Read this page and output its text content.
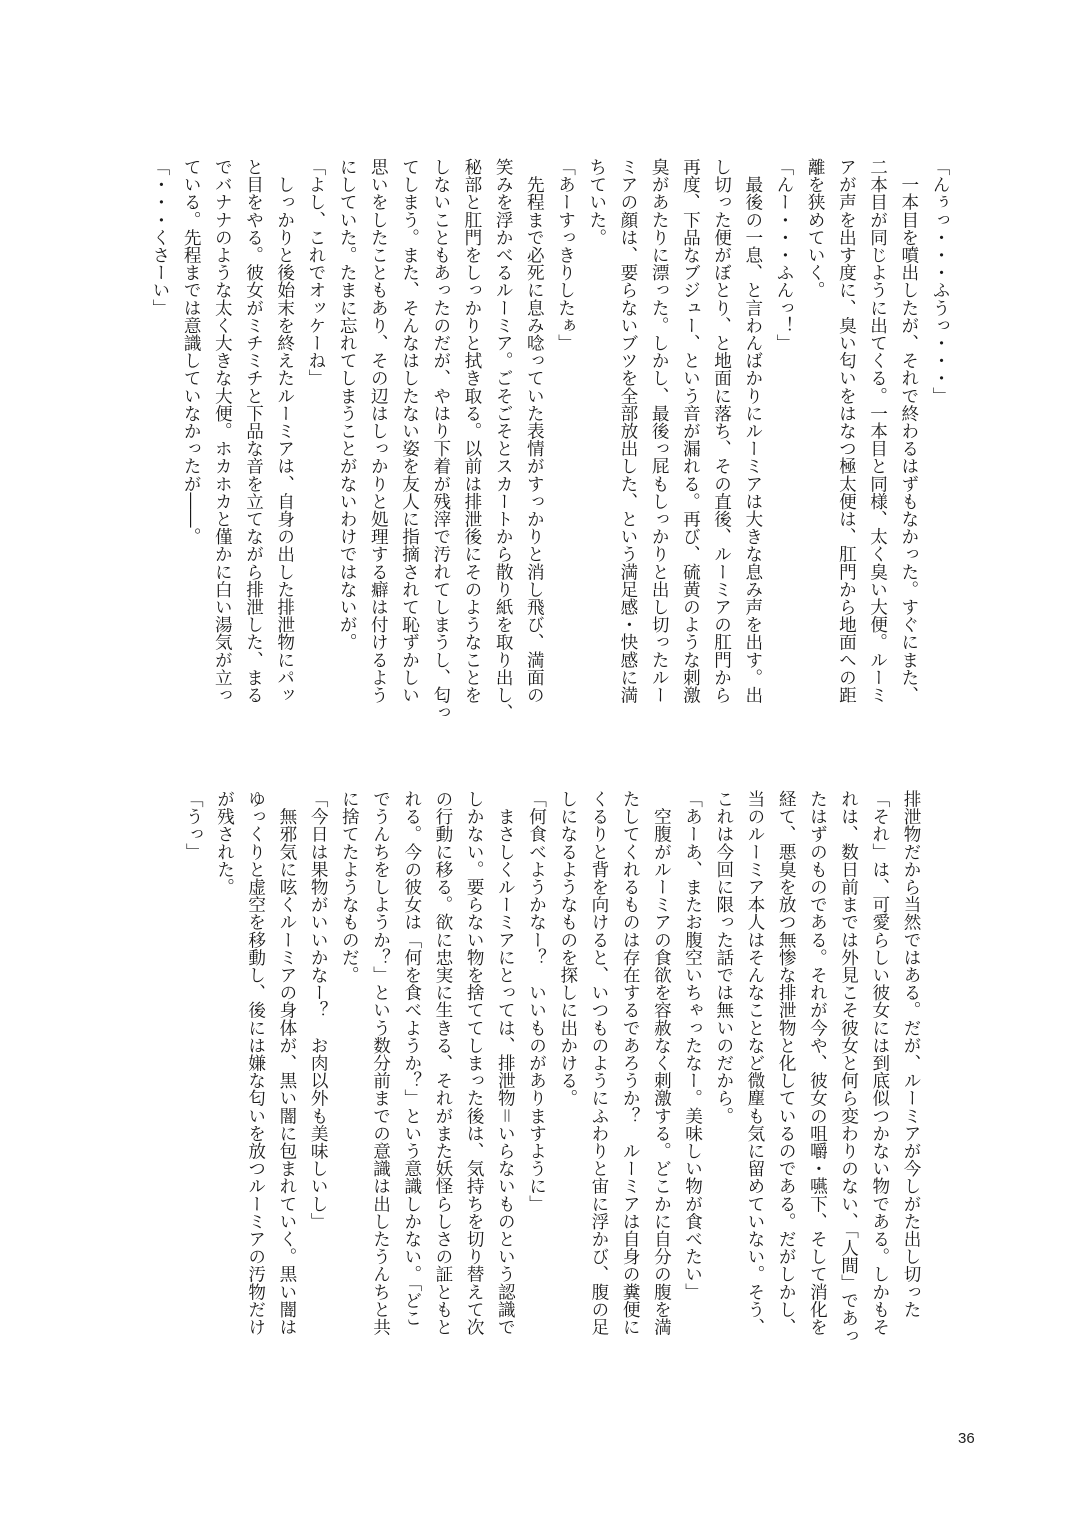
「んぅっ・・・ふうっ・・・」
　一本目を噴出したが、それで終わるはずもなかった。すぐにまた、
二本目が同じように出てくる。一本目と同様、太く臭い大便。ルーミ
アが声を出す度に、臭い匂いをはなつ極太便は、肛門から地面への距
離を狭めていく。
「んー・・・ふんっ！」
　最後の一息、と言わんばかりにルーミアは大きな息み声を出す。出
し切った便がぼとり、と地面に落ち、その直後、ルーミアの肛門から
再度、下品なブジュー、という音が漏れる。再び、硫黄のような刺激
臭があたりに漂った。しかし、最後っ屁もしっかりと出し切ったルー
ミアの顔は、要らないブツを全部放出した、という満足感・快感に満
ちていた。
「あーすっきりしたぁ」
　先程まで必死に息み唸っていた表情がすっかりと消し飛び、満面の
笑みを浮かべるルーミア。ごそごそとスカートから散り紙を取り出し、
秘部と肛門をしっかりと拭き取る。以前は排泄後にそのようなことを
しないこともあったのだが、やはり下着が残滓で汚れてしまうし、匂っ
てしまう。また、そんなはしたない姿を友人に指摘されて恥ずかしい
思いをしたこともあり、その辺はしっかりと処理する癖は付けるよう
にしていた。たまに忘れてしまうことがないわけではないが。
「よし、これでオッケーね」
　しっかりと後始末を終えたルーミアは、自身の出した排泄物にパッ
と目をやる。彼女がミチミチと下品な音を立てながら排泄した、まる
でバナナのような太く大きな大便。ホカホカと僅かに白い湯気が立っ
ている。先程までは意識していなかったが――。
「・・・くさーい」
排泄物だから当然ではある。だが、ルーミアが今しがた出し切った
「それ」は、可愛らしい彼女には到底似つかない物である。しかもそ
れは、数日前までは外見こそ彼女と何ら変わりのない、「人間」であっ
たはずのものである。それが今や、彼女の咀嚼・嚥下、そして消化を
経て、悪臭を放つ無惨な排泄物と化しているのである。だがしかし、
当のルーミア本人はそんなことなど微塵も気に留めていない。そう、
これは今回に限った話では無いのだから。
「あーあ、またお腹空いちゃったなー。美味しい物が食べたい」
　空腹がルーミアの食欲を容赦なく刺激する。どこかに自分の腹を満
たしてくれるものは存在するであろうか？　ルーミアは自身の糞便に
くるりと背を向けると、いつものようにふわりと宙に浮かび、腹の足
しになるようなものを探しに出かける。
「何食べようかなー？　いいものがありますように」
　まさしくルーミアにとっては、排泄物＝いらないものという認識で
しかない。要らない物を捨ててしまった後は、気持ちを切り替えて次
の行動に移る。欲に忠実に生きる、それがまた妖怪らしさの証ともと
れる。今の彼女は「何を食べようか？」という意識しかない。「どこ
でうんちをしようか？」という数分前までの意識は出したうんちと共
に捨てたようなものだ。
「今日は果物がいいかなー？　お肉以外も美味しいし」
　無邪気に呟くルーミアの身体が、黒い闇に包まれていく。黒い闇は
ゆっくりと虚空を移動し、後には嫌な匂いを放つルーミアの汚物だけ
が残された。
「うっ」
36
